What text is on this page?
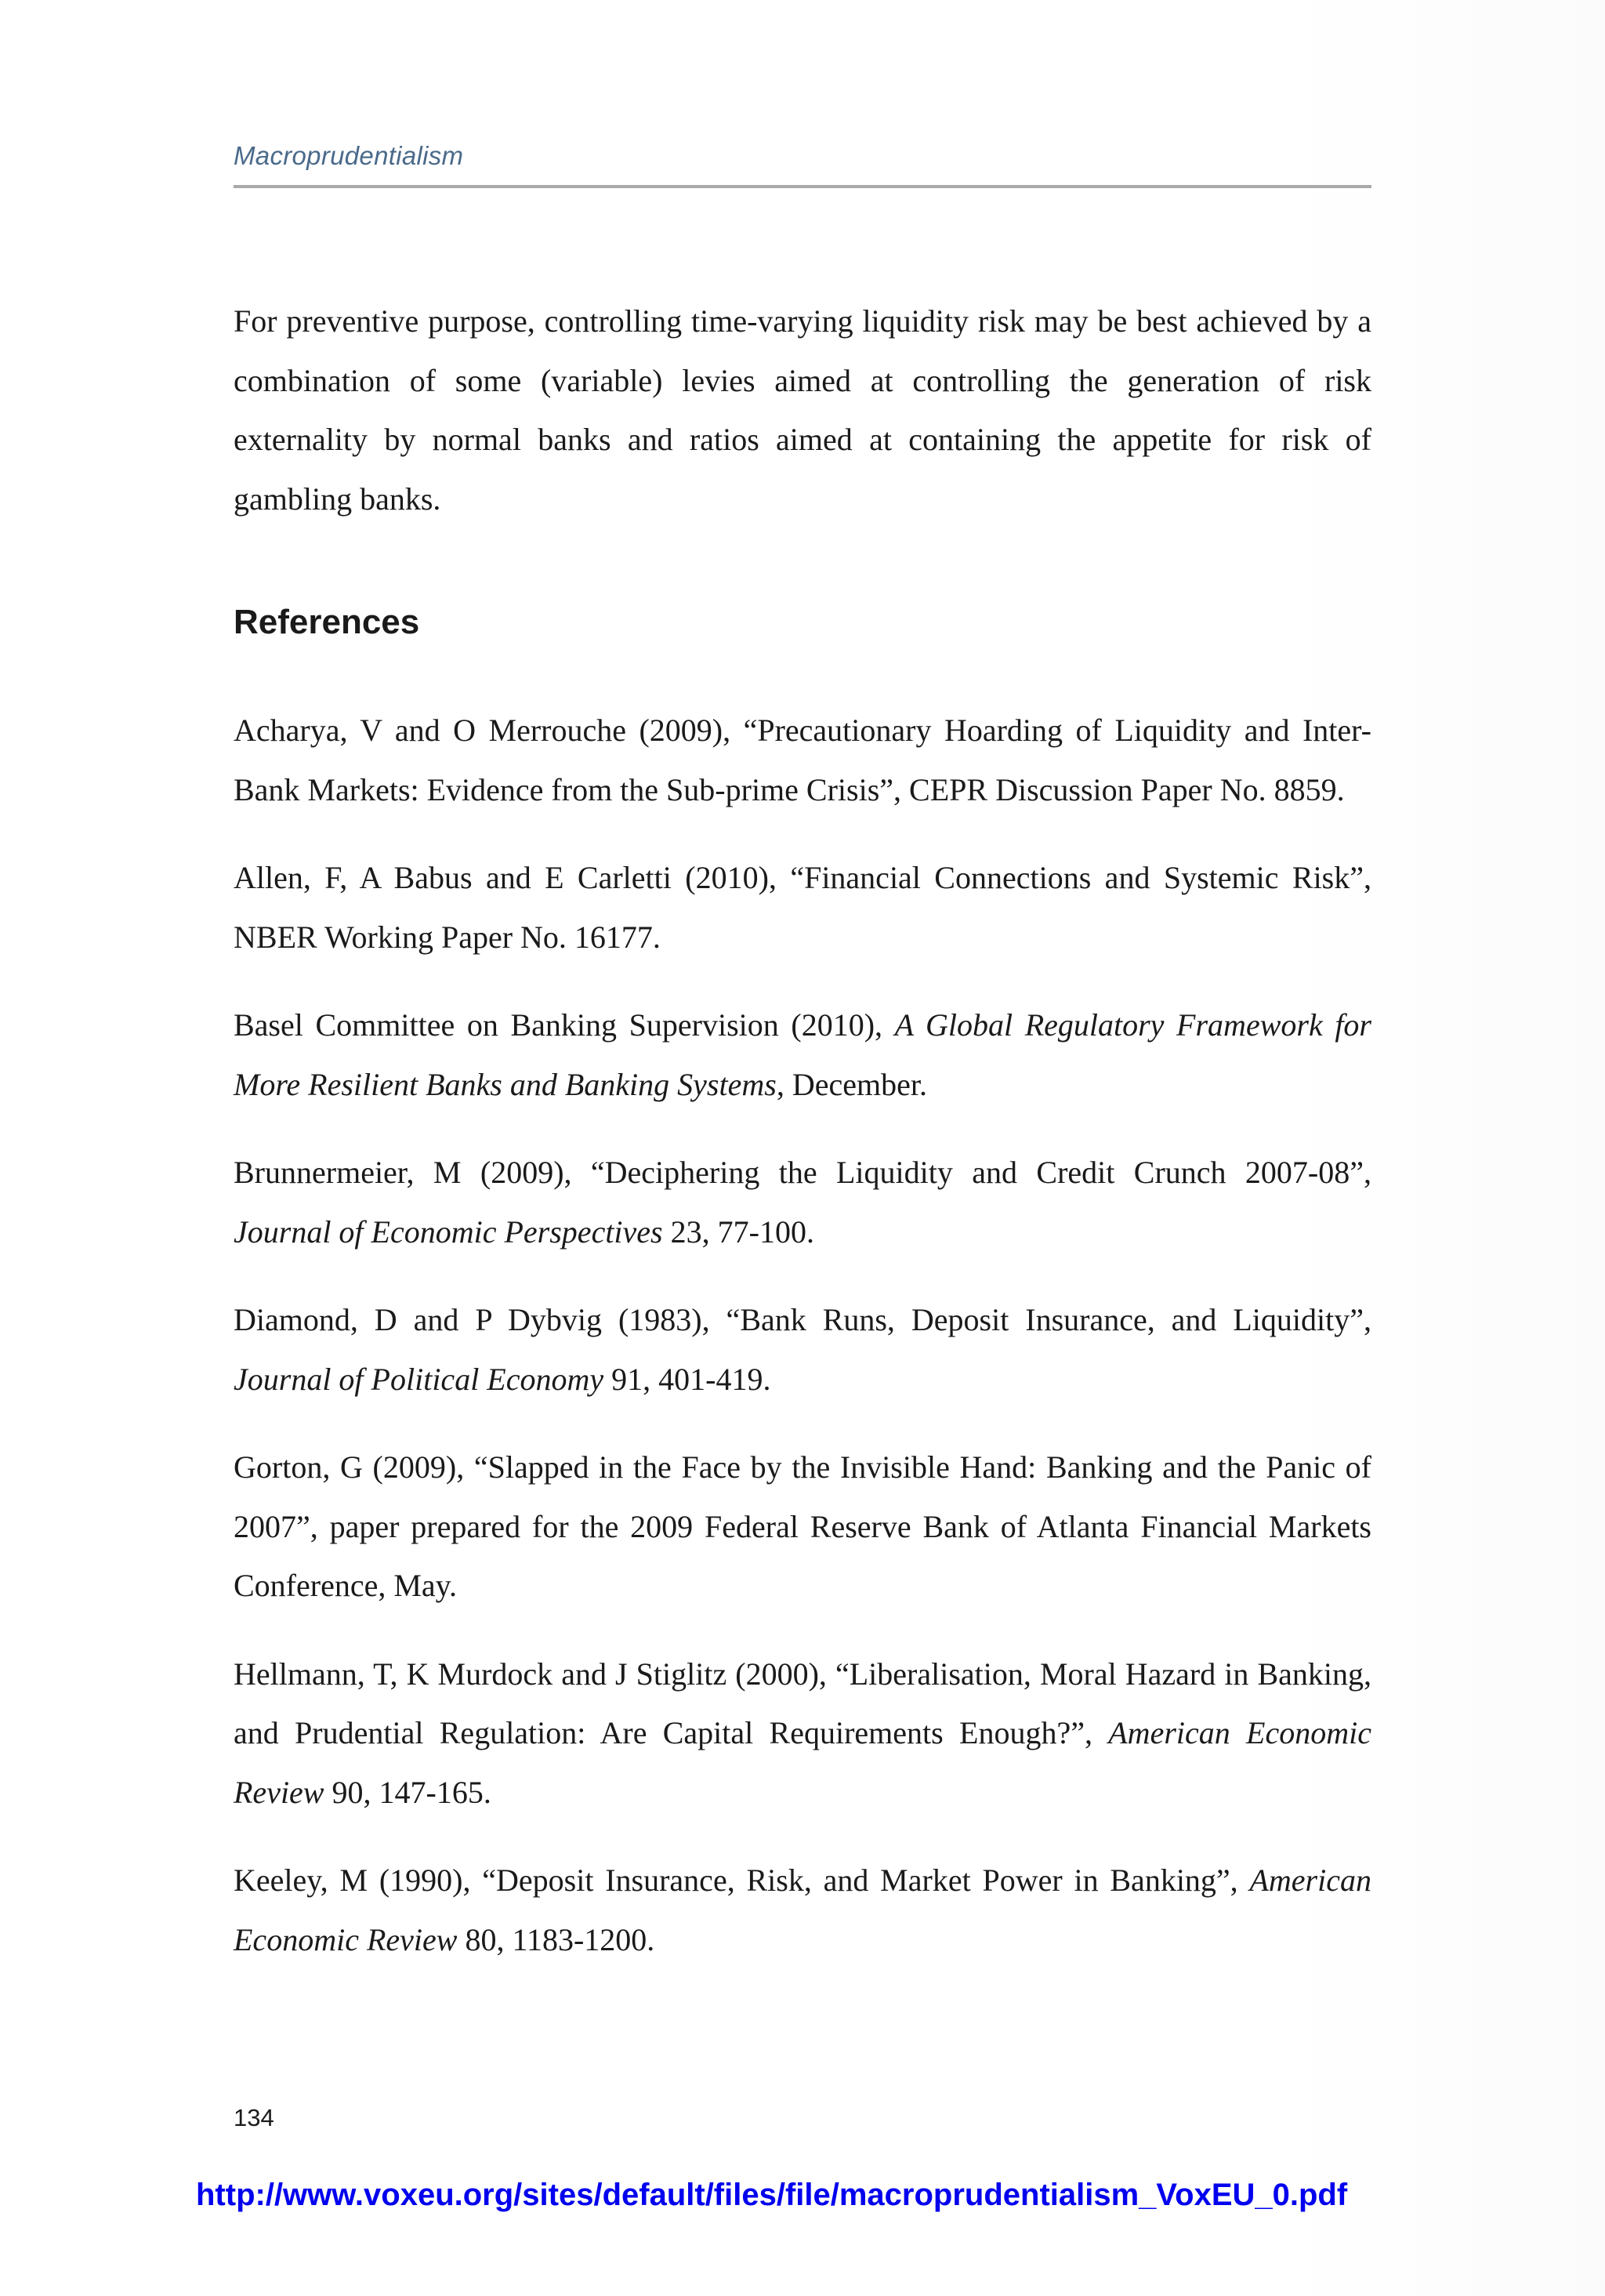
Macroprudentialism

For preventive purpose, controlling time-varying liquidity risk may be best achieved by a combination of some (variable) levies aimed at controlling the generation of risk externality by normal banks and ratios aimed at containing the appetite for risk of gambling banks.

References

Acharya, V and O Merrouche (2009), “Precautionary Hoarding of Liquidity and Inter-Bank Markets: Evidence from the Sub-prime Crisis”, CEPR Discussion Paper No. 8859.

Allen, F, A Babus and E Carletti (2010), “Financial Connections and Systemic Risk”, NBER Working Paper No. 16177.

Basel Committee on Banking Supervision (2010), A Global Regulatory Framework for More Resilient Banks and Banking Systems, December.

Brunnermeier, M (2009), “Deciphering the Liquidity and Credit Crunch 2007-08”, Journal of Economic Perspectives 23, 77-100.

Diamond, D and P Dybvig (1983), “Bank Runs, Deposit Insurance, and Liquidity”, Journal of Political Economy 91, 401-419.

Gorton, G (2009), “Slapped in the Face by the Invisible Hand: Banking and the Panic of 2007”, paper prepared for the 2009 Federal Reserve Bank of Atlanta Financial Markets Conference, May.

Hellmann, T, K Murdock and J Stiglitz (2000), “Liberalisation, Moral Hazard in Banking, and Prudential Regulation: Are Capital Requirements Enough?”, American Economic Review 90, 147-165.

Keeley, M (1990), “Deposit Insurance, Risk, and Market Power in Banking”, American Economic Review 80, 1183-1200.

134
http://www.voxeu.org/sites/default/files/file/macroprudentialism_VoxEU_0.pdf
